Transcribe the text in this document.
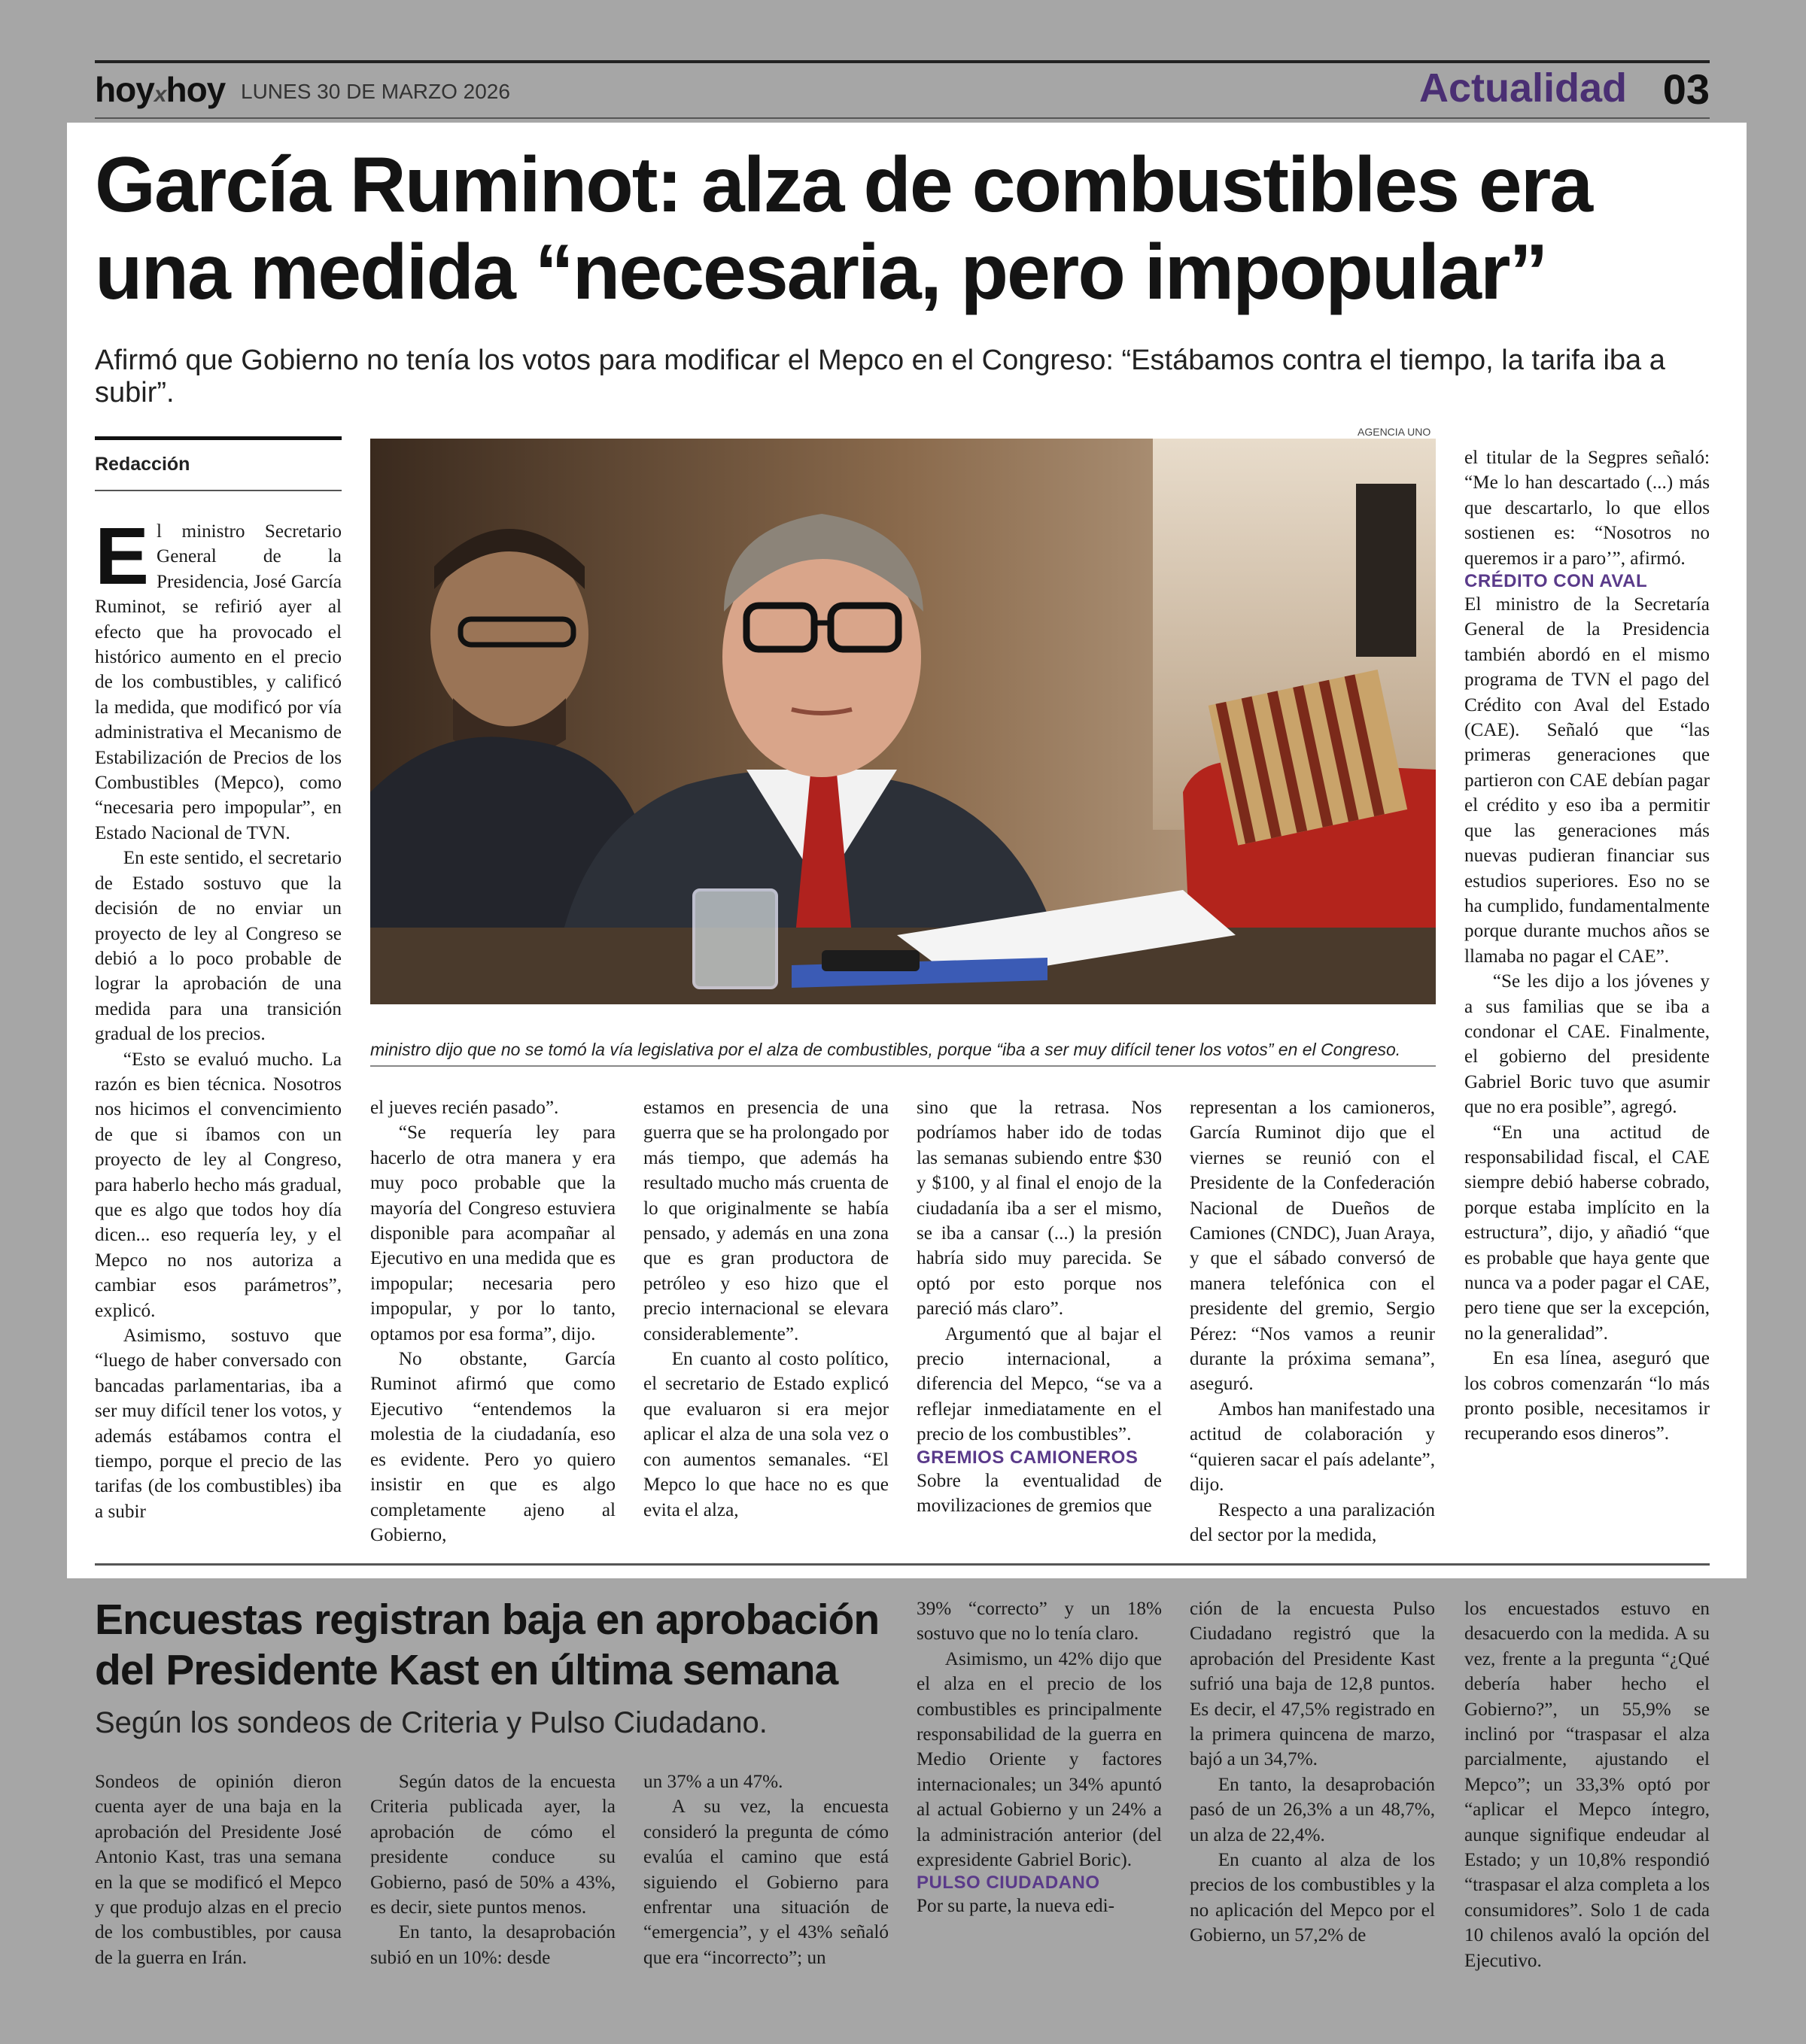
hoyxhoy LUNES 30 DE MARZO 2026	Actualidad 03
García Ruminot: alza de combustibles era una medida “necesaria, pero impopular”

Afirmó que Gobierno no tenía los votos para modificar el Mepco en el Congreso: “Estábamos contra el tiempo, la tarifa iba a subir”.

Redacción

El ministro Secretario General de la Presidencia, José García Ruminot, se refirió ayer al efecto que ha provocado el histórico aumento en el precio de los combustibles, y calificó la medida, que modificó por vía administrativa el Mecanismo de Estabilización de Precios de los Combustibles (Mepco), como “necesaria pero impopular”, en Estado Nacional de TVN.

En este sentido, el secretario de Estado sostuvo que la decisión de no enviar un proyecto de ley al Congreso se debió a lo poco probable de lograr la aprobación de una medida para una transición gradual de los precios.

“Esto se evaluó mucho. La razón es bien técnica. Nosotros nos hicimos el convencimiento de que si íbamos con un proyecto de ley al Congreso, para haberlo hecho más gradual, que es algo que todos hoy día dicen... eso requería ley, y el Mepco no nos autoriza a cambiar esos parámetros”, explicó.

Asimismo, sostuvo que “luego de haber conversado con bancadas parlamentarias, iba a ser muy difícil tener los votos, y además estábamos contra el tiempo, porque el precio de las tarifas (de los combustibles) iba a subir

AGENCIA UNO
ministro dijo que no se tomó la vía legislativa por el alza de combustibles, porque “iba a ser muy difícil tener los votos” en el Congreso.

el jueves recién pasado”.

“Se requería ley para hacerlo de otra manera y era muy poco probable que la mayoría del Congreso estuviera disponible para acompañar al Ejecutivo en una medida que es impopular; necesaria pero impopular, y por lo tanto, optamos por esa forma”, dijo.

No obstante, García Ruminot afirmó que como Ejecutivo “entendemos la molestia de la ciudadanía, eso es evidente. Pero yo quiero insistir en que es algo completamente ajeno al Gobierno,

estamos en presencia de una guerra que se ha prolongado por más tiempo, que además ha resultado mucho más cruenta de lo que originalmente se había pensado, y además en una zona que es gran productora de petróleo y eso hizo que el precio internacional se elevara considerablemente”.

En cuanto al costo político, el secretario de Estado explicó que evaluaron si era mejor aplicar el alza de una sola vez o con aumentos semanales. “El Mepco lo que hace no es que evita el alza,

sino que la retrasa. Nos podríamos haber ido de todas las semanas subiendo entre $30 y $100, y al final el enojo de la ciudadanía iba a ser el mismo, se iba a cansar (...) la presión habría sido muy parecida. Se optó por esto porque nos pareció más claro”.

Argumentó que al bajar el precio internacional, a diferencia del Mepco, “se va a reflejar inmediatamente en el precio de los combustibles”.

GREMIOS CAMIONEROS

Sobre la eventualidad de movilizaciones de gremios que

representan a los camioneros, García Ruminot dijo que el viernes se reunió con el Presidente de la Confederación Nacional de Dueños de Camiones (CNDC), Juan Araya, y que el sábado conversó de manera telefónica con el presidente del gremio, Sergio Pérez: “Nos vamos a reunir durante la próxima semana”, aseguró.

Ambos han manifestado una actitud de colaboración y “quieren sacar el país adelante”, dijo.

Respecto a una paralización del sector por la medida,

el titular de la Segpres señaló: “Me lo han descartado (...) más que descartarlo, lo que ellos sostienen es: “Nosotros no queremos ir a paro’”, afirmó.

CRÉDITO CON AVAL

El ministro de la Secretaría General de la Presidencia también abordó en el mismo programa de TVN el pago del Crédito con Aval del Estado (CAE). Señaló que “las primeras generaciones que partieron con CAE debían pagar el crédito y eso iba a permitir que las generaciones más nuevas pudieran financiar sus estudios superiores. Eso no se ha cumplido, fundamentalmente porque durante muchos años se llamaba no pagar el CAE”.

“Se les dijo a los jóvenes y a sus familias que se iba a condonar el CAE. Finalmente, el gobierno del presidente Gabriel Boric tuvo que asumir que no era posible”, agregó.

“En una actitud de responsabilidad fiscal, el CAE siempre debió haberse cobrado, porque estaba implícito en la estructura”, dijo, y añadió “que es probable que haya gente que nunca va a poder pagar el CAE, pero tiene que ser la excepción, no la generalidad”.

En esa línea, aseguró que los cobros comenzarán “lo más pronto posible, necesitamos ir recuperando esos dineros”.

Encuestas registran baja en aprobación del Presidente Kast en última semana

Según los sondeos de Criteria y Pulso Ciudadano.

Sondeos de opinión dieron cuenta ayer de una baja en la aprobación del Presidente José Antonio Kast, tras una semana en la que se modificó el Mepco y que produjo alzas en el precio de los combustibles, por causa de la guerra en Irán.

Según datos de la encuesta Criteria publicada ayer, la aprobación de cómo el presidente conduce su Gobierno, pasó de 50% a 43%, es decir, siete puntos menos.

En tanto, la desaprobación subió en un 10%: desde

un 37% a un 47%.

A su vez, la encuesta consideró la pregunta de cómo evalúa el camino que está siguiendo el Gobierno para enfrentar una situación de “emergencia”, y el 43% señaló que era “incorrecto”; un

39% “correcto” y un 18% sostuvo que no lo tenía claro.

Asimismo, un 42% dijo que el alza en el precio de los combustibles es principalmente responsabilidad de la guerra en Medio Oriente y factores internacionales; un 34% apuntó al actual Gobierno y un 24% a la administración anterior (del expresidente Gabriel Boric).

PULSO CIUDADANO

Por su parte, la nueva edi-

ción de la encuesta Pulso Ciudadano registró que la aprobación del Presidente Kast sufrió una baja de 12,8 puntos. Es decir, el 47,5% registrado en la primera quincena de marzo, bajó a un 34,7%.

En tanto, la desaprobación pasó de un 26,3% a un 48,7%, un alza de 22,4%.

En cuanto al alza de los precios de los combustibles y la no aplicación del Mepco por el Gobierno, un 57,2% de

los encuestados estuvo en desacuerdo con la medida. A su vez, frente a la pregunta “¿Qué debería haber hecho el Gobierno?”, un 55,9% se inclinó por “traspasar el alza parcialmente, ajustando el Mepco”; un 33,3% optó por “aplicar el Mepco íntegro, aunque signifique endeudar al Estado; y un 10,8% respondió “traspasar el alza completa a los consumidores”. Solo 1 de cada 10 chilenos avaló la opción del Ejecutivo.
